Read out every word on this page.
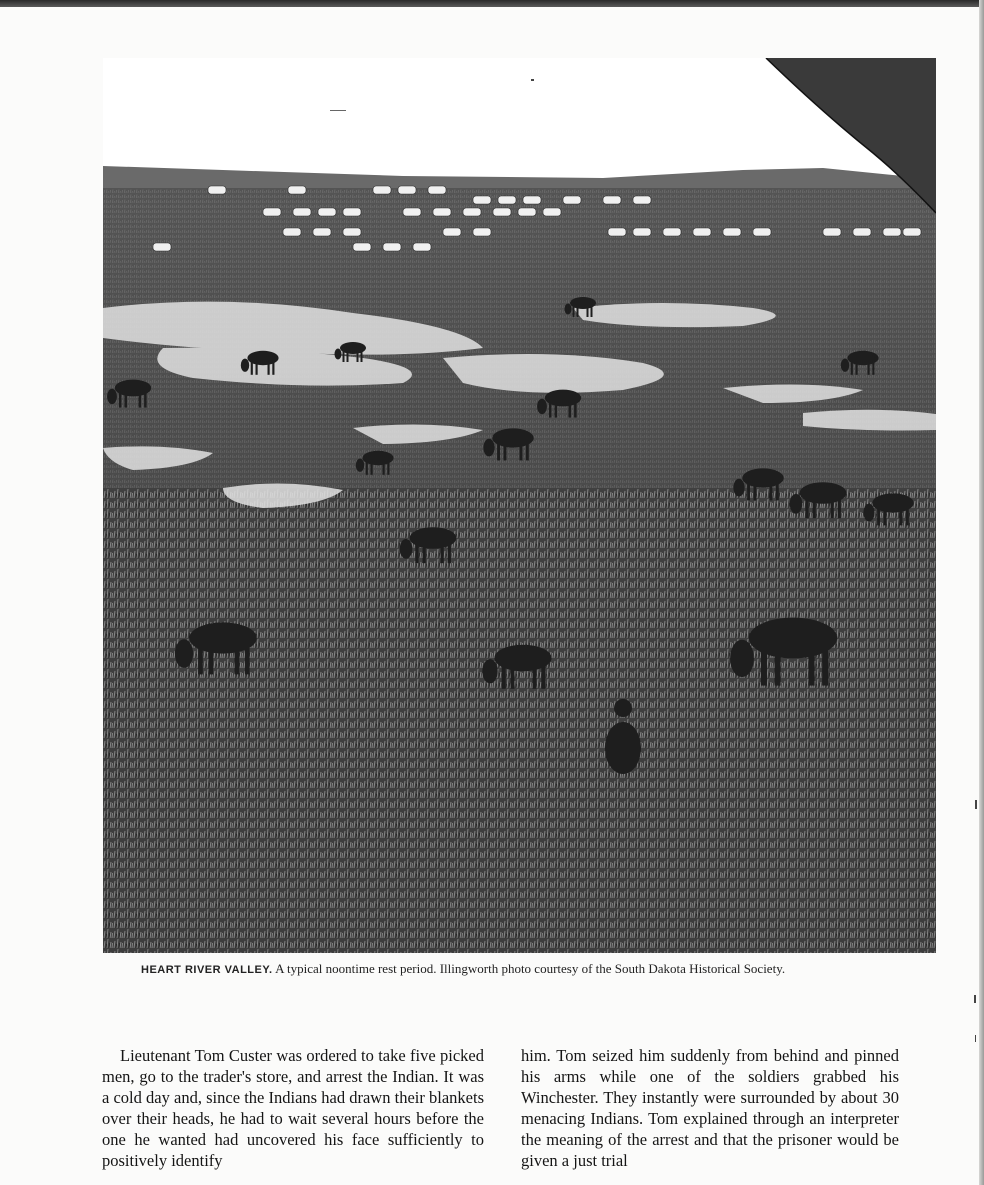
HEART RIVER VALLEY. A typical noontime rest period. Illingworth photo courtesy of the South Dakota Historical Society.

Lieutenant Tom Custer was ordered to take five picked men, go to the trader's store, and arrest the Indian. It was a cold day and, since the Indians had drawn their blankets over their heads, he had to wait several hours before the one he wanted had uncovered his face sufficiently to positively identify

him. Tom seized him suddenly from behind and pinned his arms while one of the soldiers grabbed his Winchester. They instantly were surrounded by about 30 menacing Indians. Tom explained through an interpreter the meaning of the arrest and that the prisoner would be given a just trial
